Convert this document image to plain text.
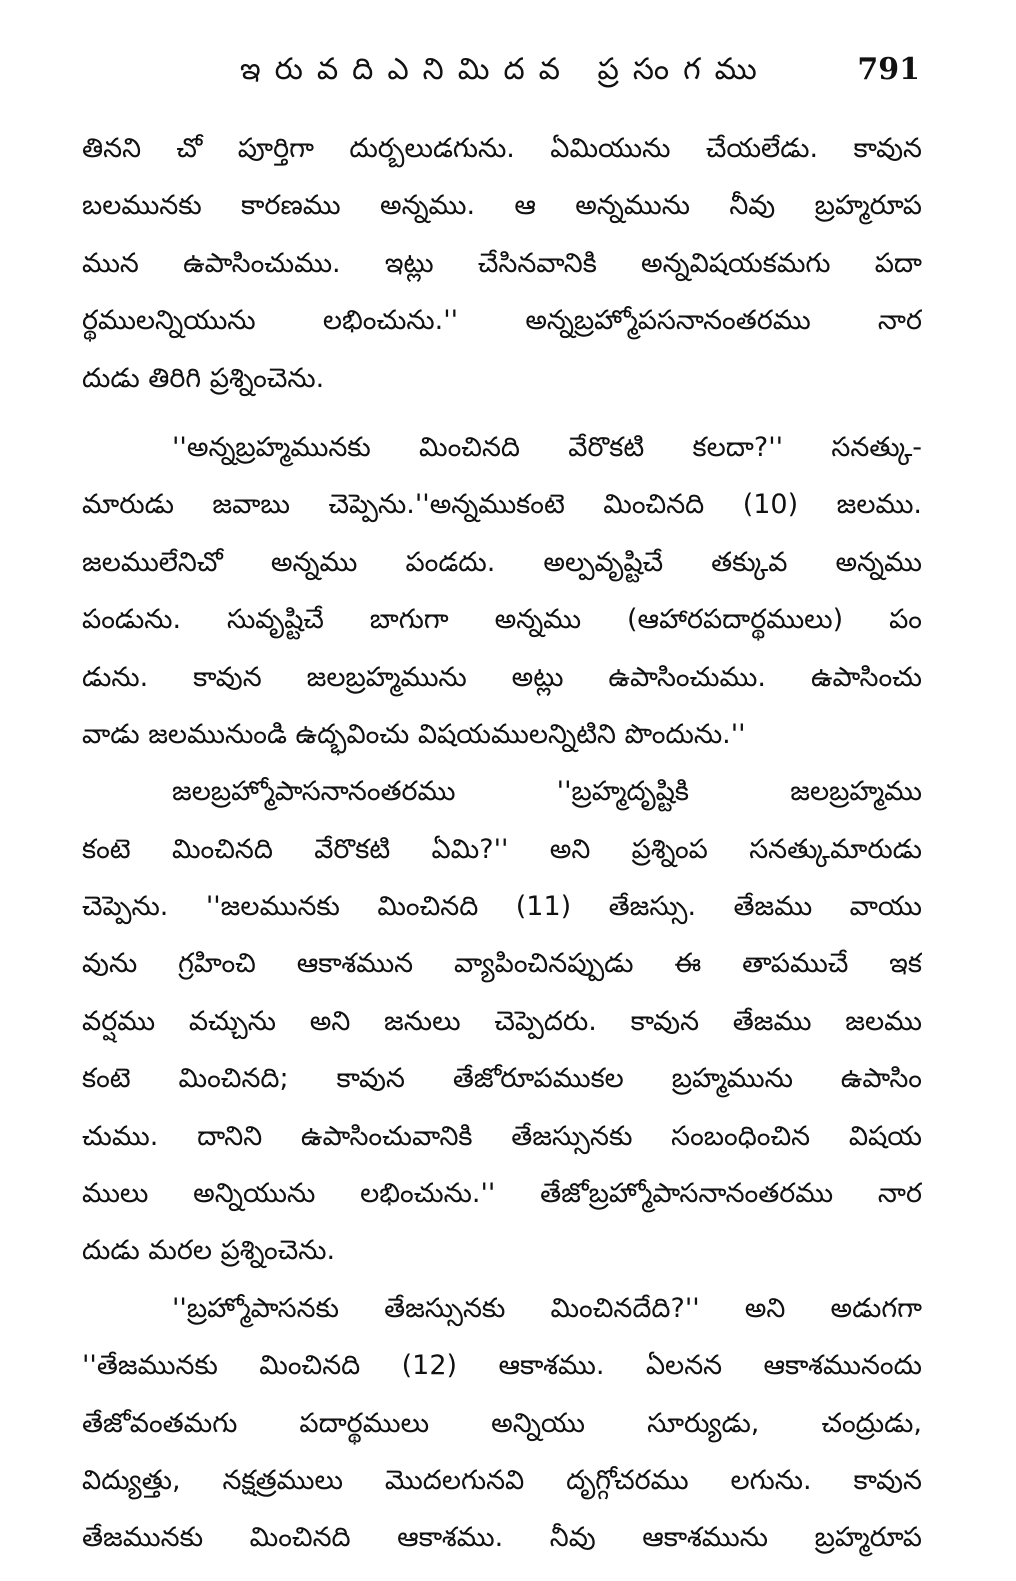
ఇరువదిఎనిమిదవ ప్రసంగము	791
తినని చో పూర్తిగా దుర్బలుడగును. ఏమియును చేయలేడు. కావున
బలమునకు కారణము అన్నము. ఆ అన్నమును నీవు బ్రహ్మరూప
మున ఉపాసించుము. ఇట్లు చేసినవానికి అన్నవిషయకమగు పదా
ర్థములన్నియును లభించును.'' అన్నబ్రహ్మోపసనానంతరము నార
దుడు తిరిగి ప్రశ్నించెను.
''అన్నబ్రహ్మమునకు మించినది వేరొకటి కలదా?'' సనత్కు-
మారుడు జవాబు చెప్పెను.''అన్నముకంటె మించినది (10) జలము.
జలములేనిచో అన్నము పండదు. అల్పవృష్టిచే తక్కువ అన్నము
పండును. సువృష్టిచే బాగుగా అన్నము (ఆహారపదార్థములు) పం
డును. కావున జలబ్రహ్మమును అట్లు ఉపాసించుము. ఉపాసించు
వాడు జలమునుండి ఉద్భవించు విషయములన్నిటిని పొందును.''
జలబ్రహ్మోపాసనానంతరము ''బ్రహ్మదృష్టికి జలబ్రహ్మము
కంటె మించినది వేరొకటి ఏమి?'' అని ప్రశ్నింప సనత్కుమారుడు
చెప్పెను. ''జలమునకు మించినది (11) తేజస్సు. తేజము వాయు
వును గ్రహించి ఆకాశమున వ్యాపించినప్పుడు ఈ తాపముచే ఇక
వర్షము వచ్చును అని జనులు చెప్పెదరు. కావున తేజము జలము
కంటె మించినది; కావున తేజోరూపముకల బ్రహ్మమును ఉపాసిం
చుము. దానిని ఉపాసించువానికి తేజస్సునకు సంబంధించిన విషయ
ములు అన్నియును లభించును.'' తేజోబ్రహ్మోపాసనానంతరము నార
దుడు మరల ప్రశ్నించెను.
''బ్రహ్మోపాసనకు తేజస్సునకు మించినదేది?'' అని అడుగగా
''తేజమునకు మించినది (12) ఆకాశము. ఏలనన ఆకాశమునందు
తేజోవంతమగు పదార్థములు అన్నియు సూర్యుడు, చంద్రుడు,
విద్యుత్తు, నక్షత్రములు మొదలగునవి దృగ్గోచరము లగును. కావున
తేజమునకు మించినది ఆకాశము. నీవు ఆకాశమును బ్రహ్మరూప
